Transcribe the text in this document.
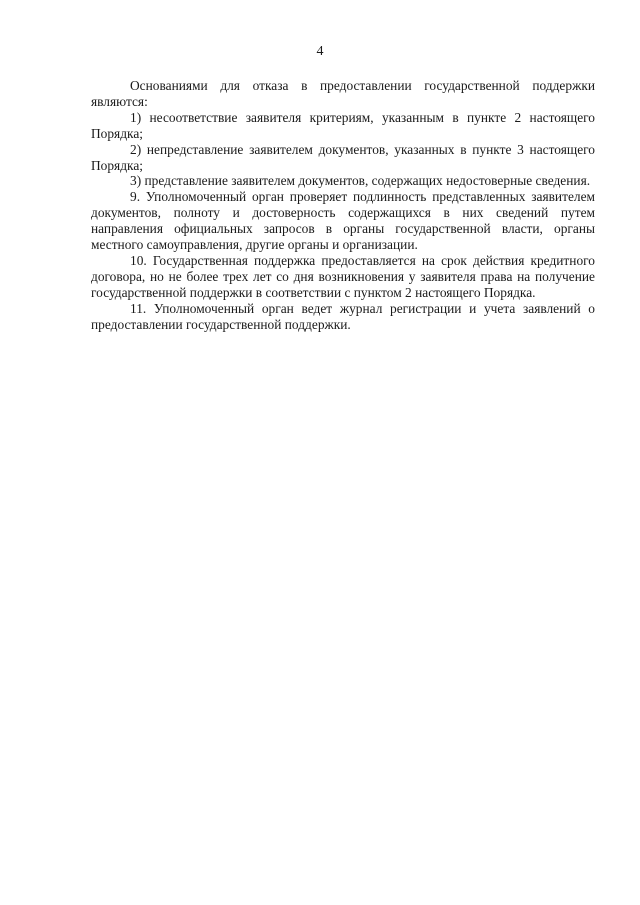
4

Основаниями для отказа в предоставлении государственной поддержки являются:

1) несоответствие заявителя критериям, указанным в пункте 2 настоящего Порядка;

2) непредставление заявителем документов, указанных в пункте 3 настоящего Порядка;

3) представление заявителем документов, содержащих недостоверные сведения.

9. Уполномоченный орган проверяет подлинность представленных заявителем документов, полноту и достоверность содержащихся в них сведений путем направления официальных запросов в органы государственной власти, органы местного самоуправления, другие органы и организации.

10. Государственная поддержка предоставляется на срок действия кредитного договора, но не более трех лет со дня возникновения у заявителя права на получение государственной поддержки в соответствии с пунктом 2 настоящего Порядка.

11. Уполномоченный орган ведет журнал регистрации и учета заявлений о предоставлении государственной поддержки.
